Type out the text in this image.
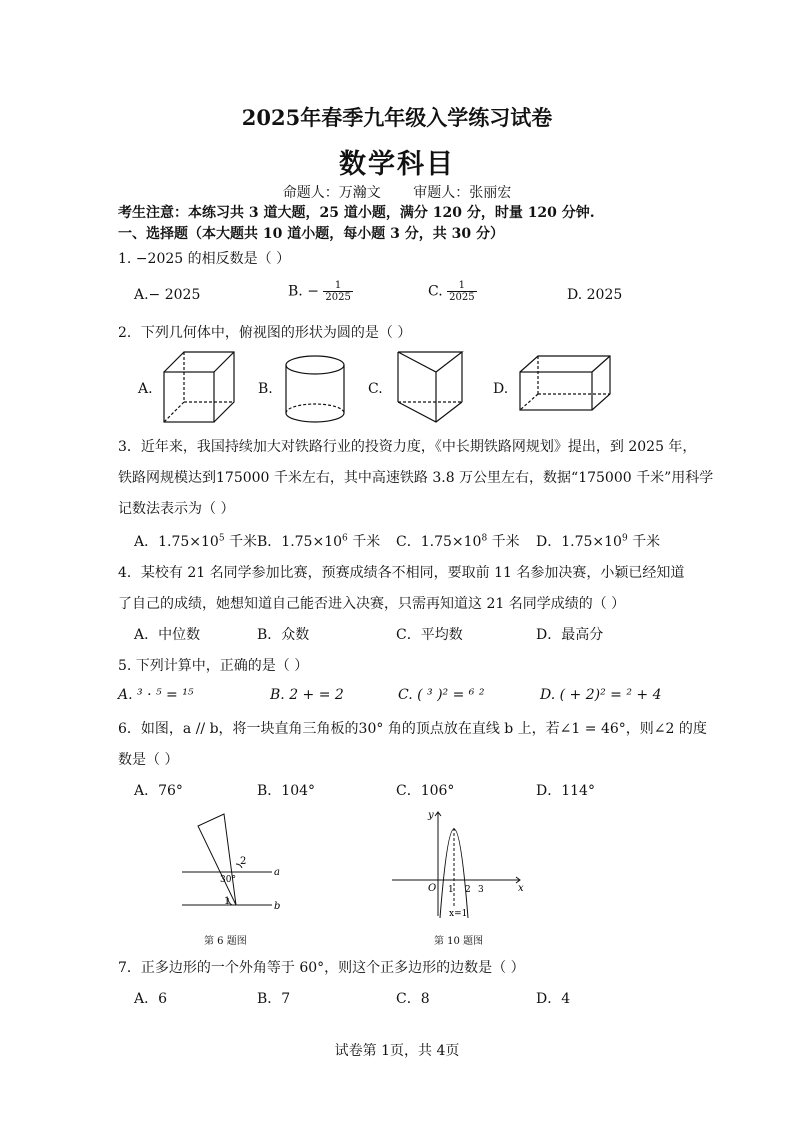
2025年春季九年级入学练习试卷
数学科目
命题人：万瀚文 审题人：张丽宏
考生注意：本练习共 3 道大题，25 道小题，满分 120 分，时量 120 分钟.
一、选择题（本大题共 10 道小题，每小题 3 分，共 30 分）
1. −2025 的相反数是（ ）
A.− 2025	B. − $\frac{1}{2025}$	C. $\frac{1}{2025}$	D. 2025
2．下列几何体中，俯视图的形状为圆的是（ ）
A.	B.	C.	D.
3．近年来，我国持续加大对铁路行业的投资力度，《中长期铁路网规划》提出，到 2025 年，
铁路网规模达到175000 千米左右，其中高速铁路 3.8 万公里左右，数据“175000 千米”用科学
记数法表示为（ ）
A．$1.75\times 10^5$ 千米 B．$1.75\times 10^6$ 千米 C．$1.75\times 10^8$ 千米 D．$1.75\times 10^9$ 千米
4．某校有 21 名同学参加比赛，预赛成绩各不相同，要取前 11 名参加决赛，小颖已经知道
了自己的成绩，她想知道自己能否进入决赛，只需再知道这 21 名同学成绩的（ ）
A．中位数	B．众数	C．平均数	D．最高分
5. 下列计算中，正确的是（ ）
A. ³ · ⁵ = ¹⁵	B. 2 + = 2	C. ( ³ )² = ⁶ ²	D. ( + 2)² = ² + 4
6．如图，a // b，将一块直角三角板的30° 角的顶点放在直线 b 上，若∠1 = 46°，则∠2 的度
数是（ ）
A．76°	B．104°	C．106°	D．114°
2
30°
1
a
b
第 6 题图
y
x
O 1 2 3
x=1
第 10 题图
7．正多边形的一个外角等于 60°，则这个正多边形的边数是（ ）
A．6	B．7	C．8	D．4
试卷第 1页，共 4页
